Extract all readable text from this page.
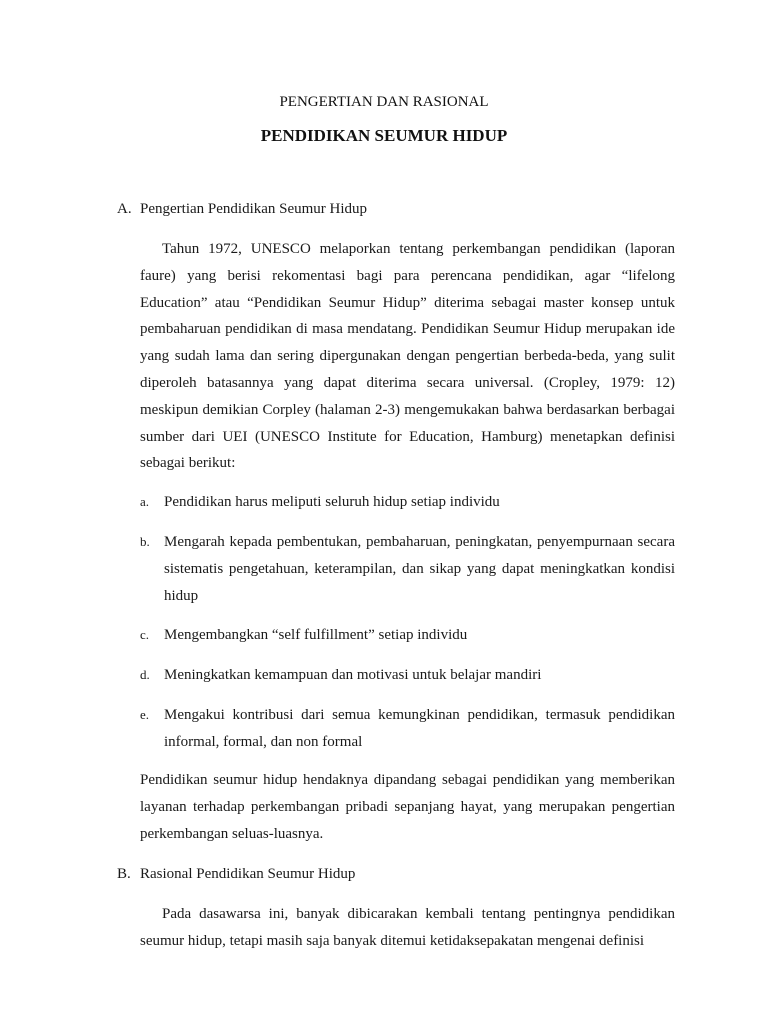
PENGERTIAN DAN RASIONAL
PENDIDIKAN SEUMUR HIDUP
A. Pengertian Pendidikan Seumur Hidup
Tahun 1972, UNESCO melaporkan tentang perkembangan pendidikan (laporan faure) yang berisi rekomentasi bagi para perencana pendidikan, agar “lifelong Education” atau “Pendidikan Seumur Hidup” diterima sebagai master konsep untuk pembaharuan pendidikan di masa mendatang. Pendidikan Seumur Hidup merupakan ide yang sudah lama dan sering dipergunakan dengan pengertian berbeda-beda, yang sulit diperoleh batasannya yang dapat diterima secara universal. (Cropley, 1979: 12) meskipun demikian Corpley (halaman 2-3) mengemukakan bahwa berdasarkan berbagai sumber dari UEI (UNESCO Institute for Education, Hamburg) menetapkan definisi sebagai berikut:
a. Pendidikan harus meliputi seluruh hidup setiap individu
b. Mengarah kepada pembentukan, pembaharuan, peningkatan, penyempurnaan secara sistematis pengetahuan, keterampilan, dan sikap yang dapat meningkatkan kondisi hidup
c. Mengembangkan “self fulfillment” setiap individu
d. Meningkatkan kemampuan dan motivasi untuk belajar mandiri
e. Mengakui kontribusi dari semua kemungkinan pendidikan, termasuk pendidikan informal, formal, dan non formal
Pendidikan seumur hidup hendaknya dipandang sebagai pendidikan yang memberikan layanan terhadap perkembangan pribadi sepanjang hayat, yang merupakan pengertian perkembangan seluas-luasnya.
B. Rasional Pendidikan Seumur Hidup
Pada dasawarsa ini, banyak dibicarakan kembali tentang pentingnya pendidikan seumur hidup, tetapi masih saja banyak ditemui ketidaksepakatan mengenai definisi
